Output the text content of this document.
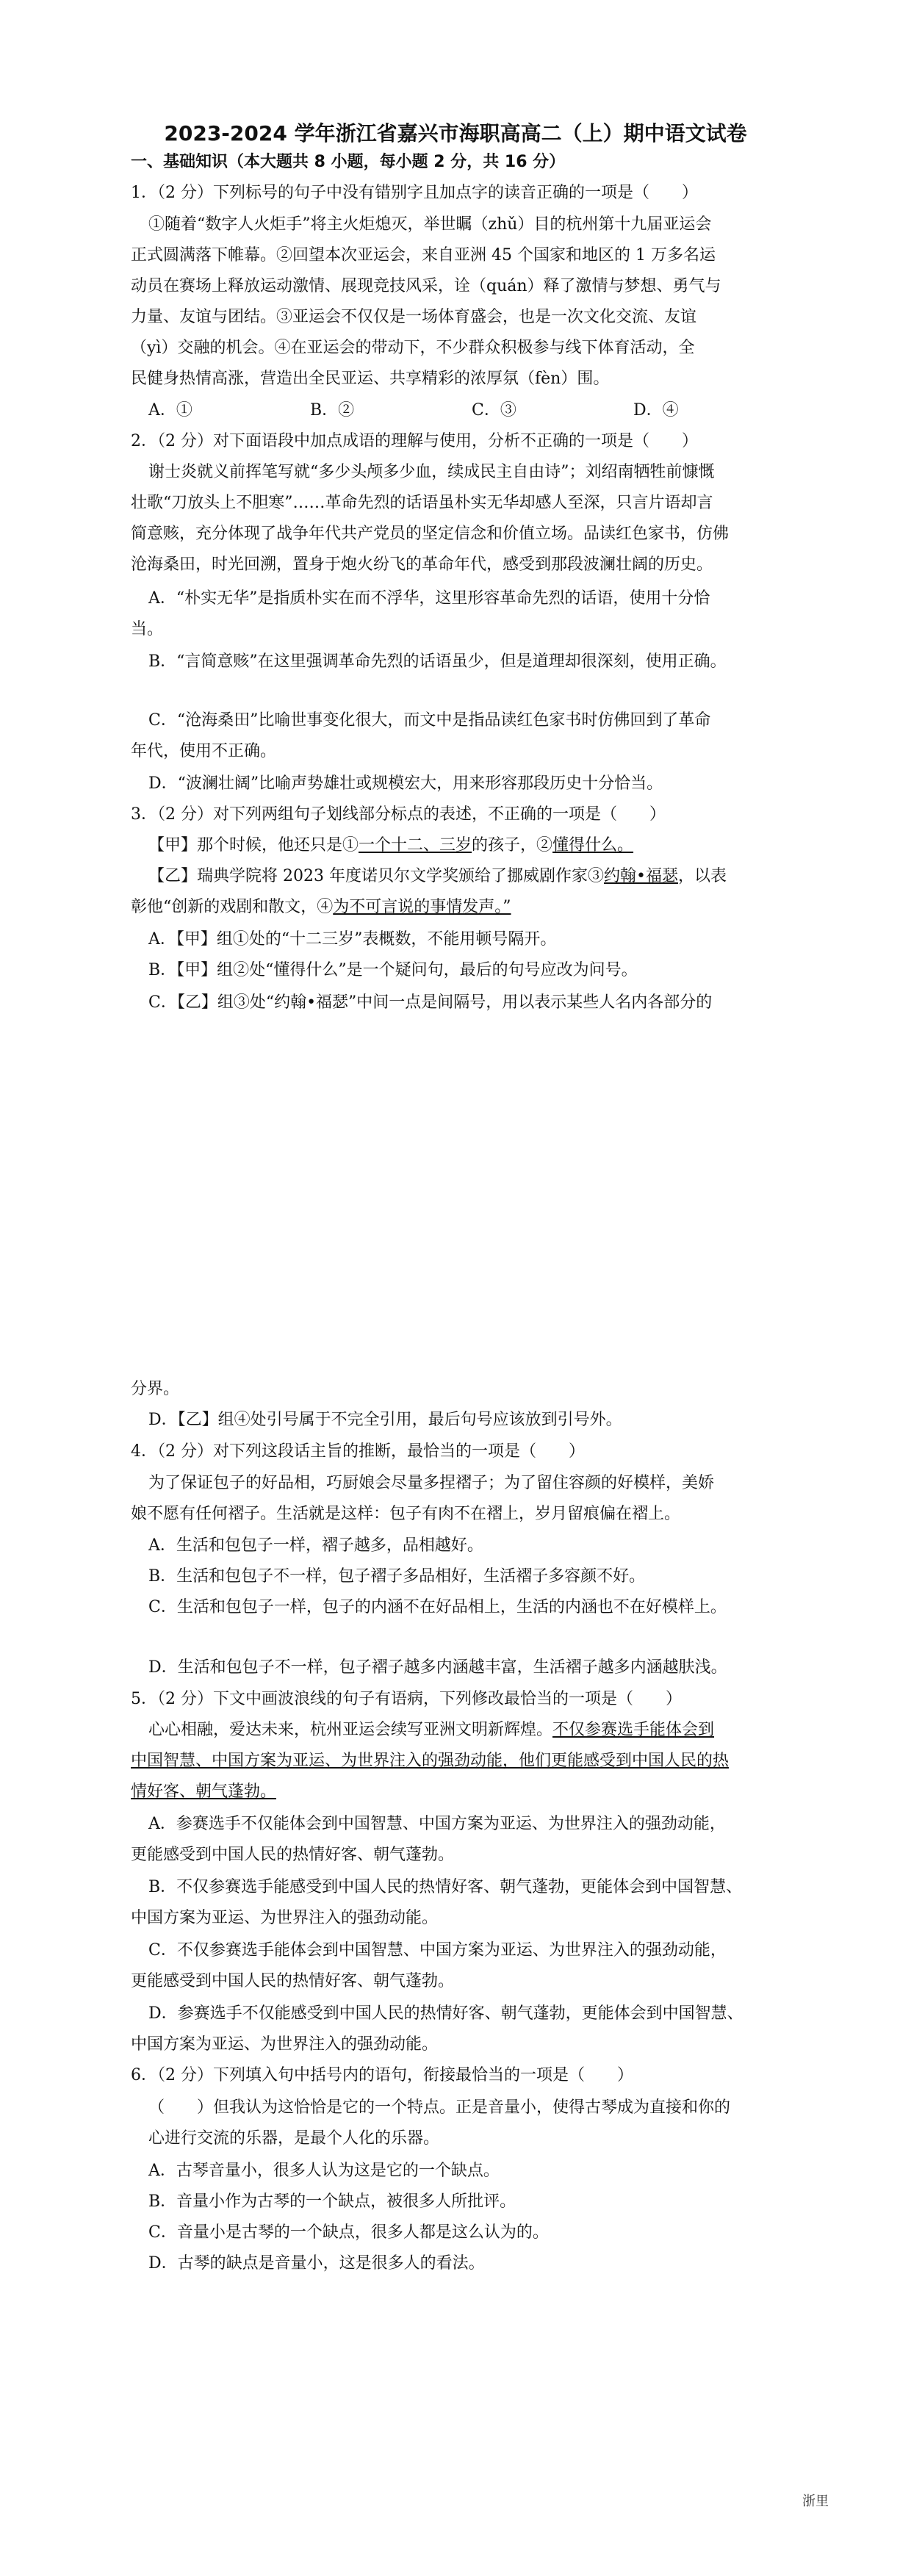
2023-2024 学年浙江省嘉兴市海职高高二（上）期中语文试卷
一、基础知识（本大题共 8 小题，每小题 2 分，共 16 分）
1．（2 分）下列标号的句子中没有错别字且加点字的读音正确的一项是（　　）
①随着“数字人火炬手”将主火炬熄灭，举世瞩（zhǔ）目的杭州第十九届亚运会
正式圆满落下帷幕。②回望本次亚运会，来自亚洲 45 个国家和地区的 1 万多名运
动员在赛场上释放运动激情、展现竞技风采，诠（quán）释了激情与梦想、勇气与
力量、友谊与团结。③亚运会不仅仅是一场体育盛会，也是一次文化交流、友谊
（yì）交融的机会。④在亚运会的带动下，不少群众积极参与线下体育活动，全
民健身热情高涨，营造出全民亚运、共享精彩的浓厚氛（fèn）围。
A．①	B．②	C．③	D．④
2．（2 分）对下面语段中加点成语的理解与使用，分析不正确的一项是（　　）
谢士炎就义前挥笔写就“多少头颅多少血，续成民主自由诗”；刘绍南牺牲前慷慨
壮歌“刀放头上不胆寒”……革命先烈的话语虽朴实无华却感人至深，只言片语却言
简意赅，充分体现了战争年代共产党员的坚定信念和价值立场。品读红色家书，仿佛
沧海桑田，时光回溯，置身于炮火纷飞的革命年代，感受到那段波澜壮阔的历史。
A．“朴实无华”是指质朴实在而不浮华，这里形容革命先烈的话语，使用十分恰
当。
B．“言简意赅”在这里强调革命先烈的话语虽少，但是道理却很深刻，使用正确。
C．“沧海桑田”比喻世事变化很大，而文中是指品读红色家书时仿佛回到了革命
年代，使用不正确。
D．“波澜壮阔”比喻声势雄壮或规模宏大，用来形容那段历史十分恰当。
3．（2 分）对下列两组句子划线部分标点的表述，不正确的一项是（　　）
【甲】那个时候，他还只是①一个十二、三岁的孩子，②懂得什么。
【乙】瑞典学院将 2023 年度诺贝尔文学奖颁给了挪威剧作家③约翰•福瑟，以表
彰他“创新的戏剧和散文，④为不可言说的事情发声。”
A．【甲】组①处的“十二三岁”表概数，不能用顿号隔开。
B．【甲】组②处“懂得什么”是一个疑问句，最后的句号应改为问号。
C．【乙】组③处“约翰•福瑟”中间一点是间隔号，用以表示某些人名内各部分的
分界。
D．【乙】组④处引号属于不完全引用，最后句号应该放到引号外。
4．（2 分）对下列这段话主旨的推断，最恰当的一项是（　　）
为了保证包子的好品相，巧厨娘会尽量多捏褶子；为了留住容颜的好模样，美娇
娘不愿有任何褶子。生活就是这样：包子有肉不在褶上，岁月留痕偏在褶上。
A．生活和包包子一样，褶子越多，品相越好。
B．生活和包包子不一样，包子褶子多品相好，生活褶子多容颜不好。
C．生活和包包子一样，包子的内涵不在好品相上，生活的内涵也不在好模样上。
D．生活和包包子不一样，包子褶子越多内涵越丰富，生活褶子越多内涵越肤浅。
5．（2 分）下文中画波浪线的句子有语病，下列修改最恰当的一项是（　　）
心心相融，爱达未来，杭州亚运会续写亚洲文明新辉煌。不仅参赛选手能体会到
中国智慧、中国方案为亚运、为世界注入的强劲动能，他们更能感受到中国人民的热
情好客、朝气蓬勃。
A．参赛选手不仅能体会到中国智慧、中国方案为亚运、为世界注入的强劲动能，
更能感受到中国人民的热情好客、朝气蓬勃。
B．不仅参赛选手能感受到中国人民的热情好客、朝气蓬勃，更能体会到中国智慧、
中国方案为亚运、为世界注入的强劲动能。
C．不仅参赛选手能体会到中国智慧、中国方案为亚运、为世界注入的强劲动能，
更能感受到中国人民的热情好客、朝气蓬勃。
D．参赛选手不仅能感受到中国人民的热情好客、朝气蓬勃，更能体会到中国智慧、
中国方案为亚运、为世界注入的强劲动能。
6．（2 分）下列填入句中括号内的语句，衔接最恰当的一项是（　　）
（　　）但我认为这恰恰是它的一个特点。正是音量小，使得古琴成为直接和你的
心进行交流的乐器，是最个人化的乐器。
A．古琴音量小，很多人认为这是它的一个缺点。
B．音量小作为古琴的一个缺点，被很多人所批评。
C．音量小是古琴的一个缺点，很多人都是这么认为的。
D．古琴的缺点是音量小，这是很多人的看法。
浙里
